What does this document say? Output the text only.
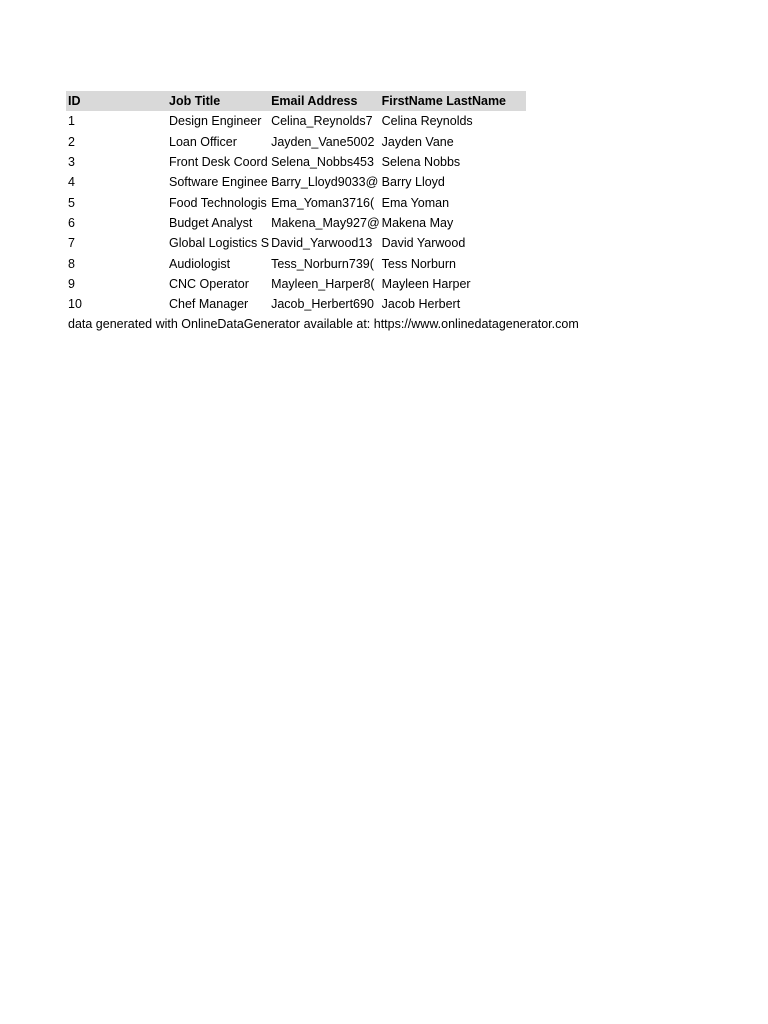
ID	Job Title	Email Address	FirstName LastName
1	Design Engineer	Celina_Reynolds7	Celina Reynolds
2	Loan Officer	Jayden_Vane5002	Jayden Vane
3	Front Desk Coord	Selena_Nobbs453	Selena Nobbs
4	Software Enginee	Barry_Lloyd9033@	Barry Lloyd
5	Food Technologis	Ema_Yoman3716(	Ema Yoman
6	Budget Analyst	Makena_May927@	Makena May
7	Global Logistics S	David_Yarwood13	David Yarwood
8	Audiologist	Tess_Norburn739(	Tess Norburn
9	CNC Operator	Mayleen_Harper8(	Mayleen Harper
10	Chef Manager	Jacob_Herbert690	Jacob Herbert
data generated with OnlineDataGenerator available at: https://www.onlinedatagenerator.com
